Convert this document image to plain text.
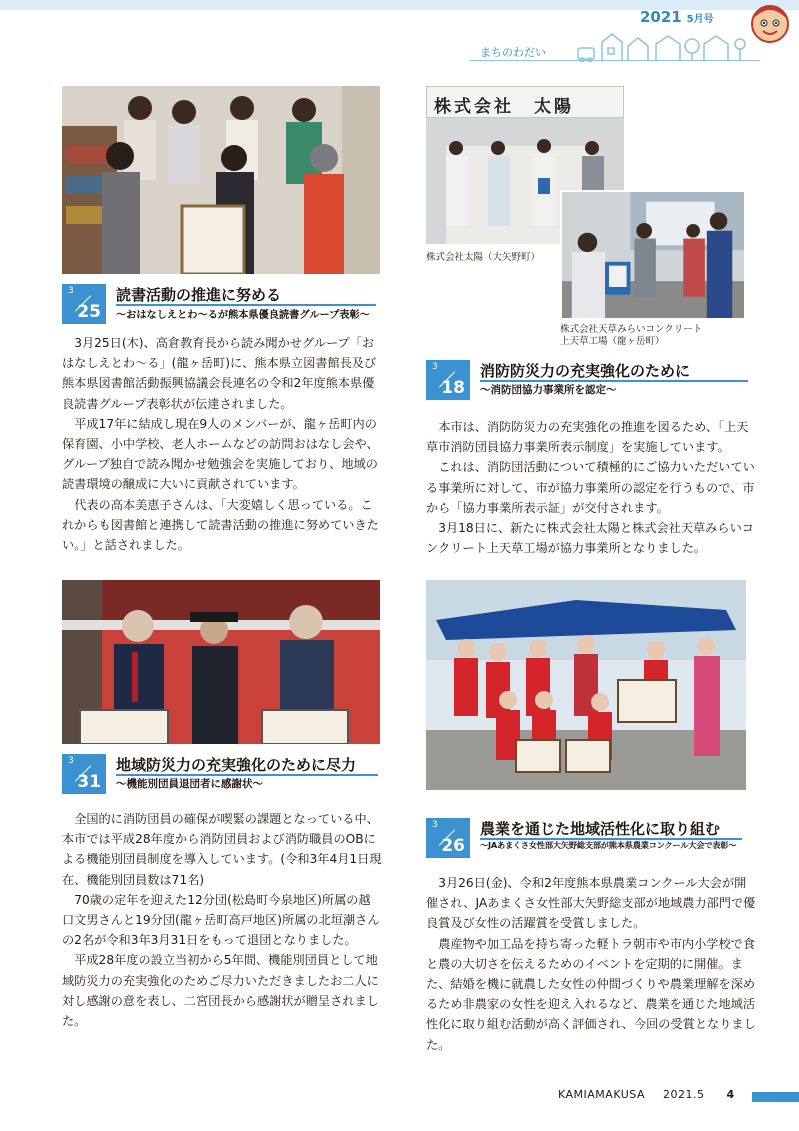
2021 5月号
まちのわだい
3
25
読書活動の推進に努める
～おはなしえとわ～るが熊本県優良読書グループ表彰～

3月25日(木)、高倉教育長から読み聞かせグループ「おはなしえとわ～る」(龍ヶ岳町)に、熊本県立図書館長及び熊本県図書館活動振興協議会長連名の令和2年度熊本県優良読書グループ表彰状が伝達されました。

平成17年に結成し現在9人のメンバーが、龍ヶ岳町内の保育園、小中学校、老人ホームなどの訪問おはなし会や、グループ独自で読み聞かせ勉強会を実施しており、地域の読書環境の醸成に大いに貢献されています。

代表の高本美恵子さんは、「大変嬉しく思っている。これからも図書館と連携して読書活動の推進に努めていきたい。」と話されました。

株式会社　太陽
株式会社太陽（大矢野町）
株式会社天草みらいコンクリート
上天草工場（龍ヶ岳町）
3
18
消防防災力の充実強化のために
～消防団協力事業所を認定～

本市は、消防防災力の充実強化の推進を図るため、「上天草市消防団員協力事業所表示制度」を実施しています。

これは、消防団活動について積極的にご協力いただいている事業所に対して、市が協力事業所の認定を行うもので、市から「協力事業所表示証」が交付されます。

3月18日に、新たに株式会社太陽と株式会社天草みらいコンクリート上天草工場が協力事業所となりました。

3
31
地域防災力の充実強化のために尽力
～機能別団員退団者に感謝状～

全国的に消防団員の確保が喫緊の課題となっている中、本市では平成28年度から消防団員および消防職員のOBによる機能別団員制度を導入しています。(令和3年4月1日現在、機能別団員数は71名)

70歳の定年を迎えた12分団(松島町今泉地区)所属の越口文男さんと19分団(龍ヶ岳町高戸地区)所属の北垣潮さんの2名が令和3年3月31日をもって退団となりました。

平成28年度の設立当初から5年間、機能別団員として地域防災力の充実強化のためご尽力いただきましたお二人に対し感謝の意を表し、二宮団長から感謝状が贈呈されました。

3
26
農業を通じた地域活性化に取り組む
～JAあまくさ女性部大矢野総支部が熊本県農業コンクール大会で表彰～

3月26日(金)、令和2年度熊本県農業コンクール大会が開催され、JAあまくさ女性部大矢野総支部が地域農力部門で優良賞及び女性の活躍賞を受賞しました。

農産物や加工品を持ち寄った軽トラ朝市や市内小学校で食と農の大切さを伝えるためのイベントを定期的に開催。また、結婚を機に就農した女性の仲間づくりや農業理解を深めるため非農家の女性を迎え入れるなど、農業を通じた地域活性化に取り組む活動が高く評価され、今回の受賞となりました。

KAMIAMAKUSA 2021.5 4
